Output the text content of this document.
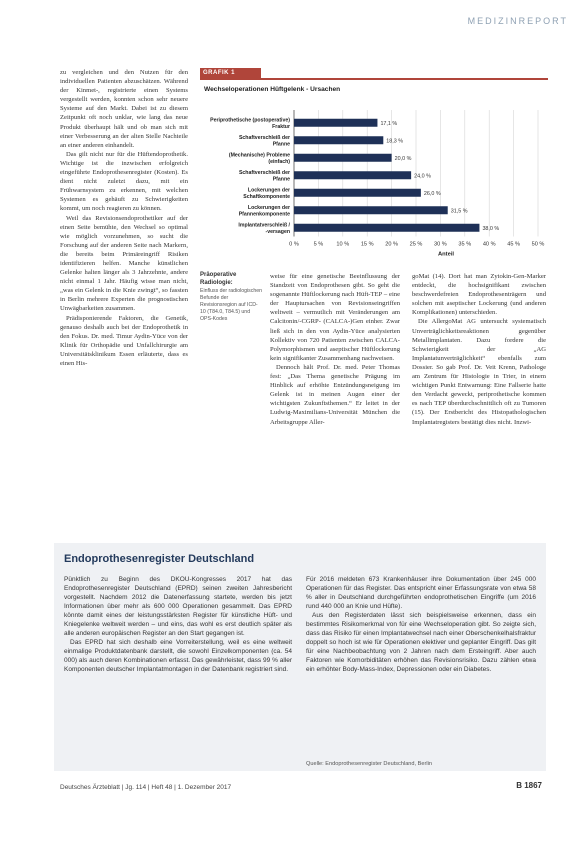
MEDIZINREPORT

zu vergleichen und den Nutzen für den individuellen Patienten abzuschätzen. Während der Kinmet-, registrierte einen Systems vergestellt werden, konnten schon sehr neuere Systeme auf den Markt. Dabei ist zu diesem Zeitpunkt oft noch unklar, wie lang das neue Produkt überhaupt hält und ob man sich mit einer Verbesserung an der alten Stelle Nachteile an einer anderen einhandelt.

Das gilt nicht nur für die Hüftendoprothetik. Wichtige ist die inzwischen erfolgreich eingeführte Endoprothesenregister (Kosten). Es dient nicht zuletzt dazu, mit ein Frühwarnsystem zu erkennen, mit welchen Systemen es gehäuft zu Schwierigkeiten kommt, um noch reagieren zu können.

Weil das Revisionsendoprothetiker auf der einen Seite bemühte, den Wechsel so optimal wie möglich vorzunehmen, so sucht die Forschung auf der anderen Seite nach Markern, die bereits beim Primäreingriff Risiken identifizieren helfen. Manche künstlichen Gelenke halten länger als 3 Jahrzehnte, andere nicht einmal 1 Jahr. Häufig wisse man nicht, „was ein Gelenk in die Knie zwingt“, so fassten in Berlin mehrere Experten die prognostischen Unwägbarkeiten zusammen.

Prädisponierende Faktoren, die Genetik, genauso deshalb auch bei der Endoprothetik in den Fokus. Dr. med. Timur Aydin-Yüce von der Klinik für Orthopädie und Unfallchirurgie am Universitätsklinikum Essen erläuterte, dass es einen His-

GRAFIK 1
Wechseloperationen Hüftgelenk - Ursachen
0 %	5 % 10 % 15 % 20 % 25 % 30 % 35 % 40 % 45 % 50 %
17,1 %
Periprothetische (postoperative) Fraktur
18,3 %
Schaftverschleiß der Pfanne
20,0 %
(Mechanische) Probleme (einfach)
24,0 %
Schaftverschleiß der Pfanne
26,0 %
Lockerungen der Schaftkomponente
31,5 %
Lockerungen der Pfannenkomponente
38,0 %
Implantatverschleiß / -versagen
Anteil
Präoperative Radiologie:
Einfluss der radiologischen Befunde der Revisionsregion auf ICD-10 (T84.0, T84.5) und OPS-Kodes

weise für eine genetische Beeinflussung der Standzeit von Endoprothesen gibt. So geht die sogenannte Hüftlockerung nach Hüft-TEP – eine der Hauptursachen von Revisionseingriffen weltweit – vermutlich mit Veränderungen am Calcitonin/-CGRP- (CALCA-)Gen einher. Zwar ließ sich in den von Aydin-Yüce analysierten Kollektiv von 720 Patienten zwischen CALCA-Polymorphismen und aseptischer Hüftlockerung kein signifikanter Zusammenhang nachweisen.

Dennoch hält Prof. Dr. med. Peter Thomas fest: „Das Thema genetische Prägung im Hinblick auf erhöhte Entzündungsneigung im Gelenk ist in meinen Augen einer der wichtigsten Zukunftsthemen.“ Er leitet in der Ludwig-Maximilians-Universität München die Arbeitsgruppe Aller-

goMat (14). Dort hat man Zytokin-Gen-Marker entdeckt, die hochsignifikant zwischen beschwerdefreien Endoprothesenträgern und solchen mit aseptischer Lockerung (und anderen Komplikationen) unterschieden.

Die AllergoMat AG untersucht systematisch Unverträglichkeitsreaktionen gegenüber Metallimplantaten. Dazu fordere die Schwierigkeit der „AG Implantatunverträglichkeit“ ebenfalls zum Dossier. So gab Prof. Dr. Veit Krenn, Pathologe am Zentrum für Histologie in Trier, in einem wichtigen Punkt Entwarnung: Eine Fallserie hatte den Verdacht geweckt, periprothetische kommen es nach TEP überdurchschnittlich oft zu Tumoren (15). Der Erstbericht des Histopathologischen Implantatregisters bestätigt dies nicht. Inzwi-

Endoprothesenregister Deutschland

Pünktlich zu Beginn des DKOU-Kongresses 2017 hat das Endoprothesenregister Deutschland (EPRD) seinen zweiten Jahresbericht vorgestellt. Nachdem 2012 die Datenerfassung startete, werden bis jetzt Informationen über mehr als 600 000 Operationen gesammelt. Das EPRD könnte damit eines der leistungsstärksten Register für künstliche Hüft- und Kniegelenke weltweit werden – und eins, das wohl es erst deutlich später als alle anderen europäischen Register an den Start gegangen ist.

Das EPRD hat sich deshalb eine Vorreiterstellung, weil es eine weltweit einmalige Produktdatenbank darstellt, die sowohl Einzelkomponenten (ca. 54 000) als auch deren Kombinationen erfasst. Das gewährleistet, dass 99 % aller Komponenten deutscher Implantatmontagen in der Datenbank registriert sind.

Für 2016 meldeten 673 Krankenhäuser ihre Dokumentation über 245 000 Operationen für das Register. Das entspricht einer Erfassungsrate von etwa 58 % aller in Deutschland durchgeführten endoprothetischen Eingriffe (um 2016 rund 440 000 an Knie und Hüfte).

Aus den Registerdaten lässt sich beispielsweise erkennen, dass ein bestimmtes Risikomerkmal von für eine Wechseloperation gibt. So zeigte sich, dass das Risiko für einen Implantatwechsel nach einer Oberschenkelhalsfraktur doppelt so hoch ist wie für Operationen elektiver und geplanter Eingriff. Das gilt für eine Nachbeobachtung von 2 Jahren nach dem Ersteingriff. Aber auch Faktoren wie Komorbiditäten erhöhen das Revisionsrisiko. Dazu zählen etwa ein erhöhter Body-Mass-Index, Depressionen oder ein Diabetes.

Quelle: Endoprothesenregister Deutschland, Berlin
Deutsches Ärzteblatt | Jg. 114 | Heft 48 | 1. Dezember 2017	B 1867
